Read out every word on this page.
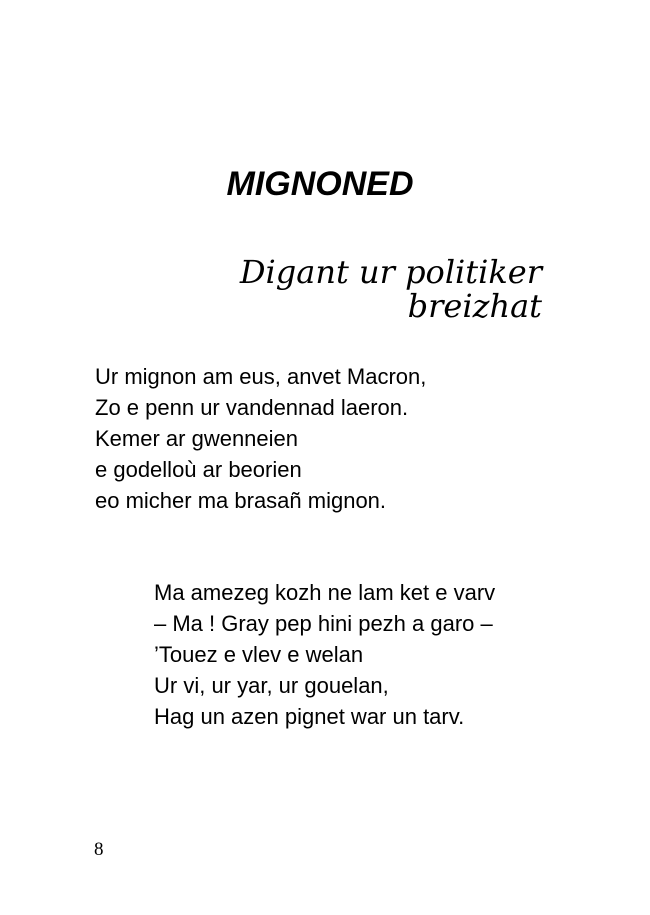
MIGNONED
Digant ur politiker
breizhat
Ur mignon am eus, anvet Macron,
Zo e penn ur vandennad laeron.
Kemer ar gwenneien
e godelloù ar beorien
eo micher ma brasañ mignon.
Ma amezeg kozh ne lam ket e varv
– Ma ! Gray pep hini pezh a garo –
’Touez e vlev e welan
Ur vi, ur yar, ur gouelan,
Hag un azen pignet war un tarv.
8
